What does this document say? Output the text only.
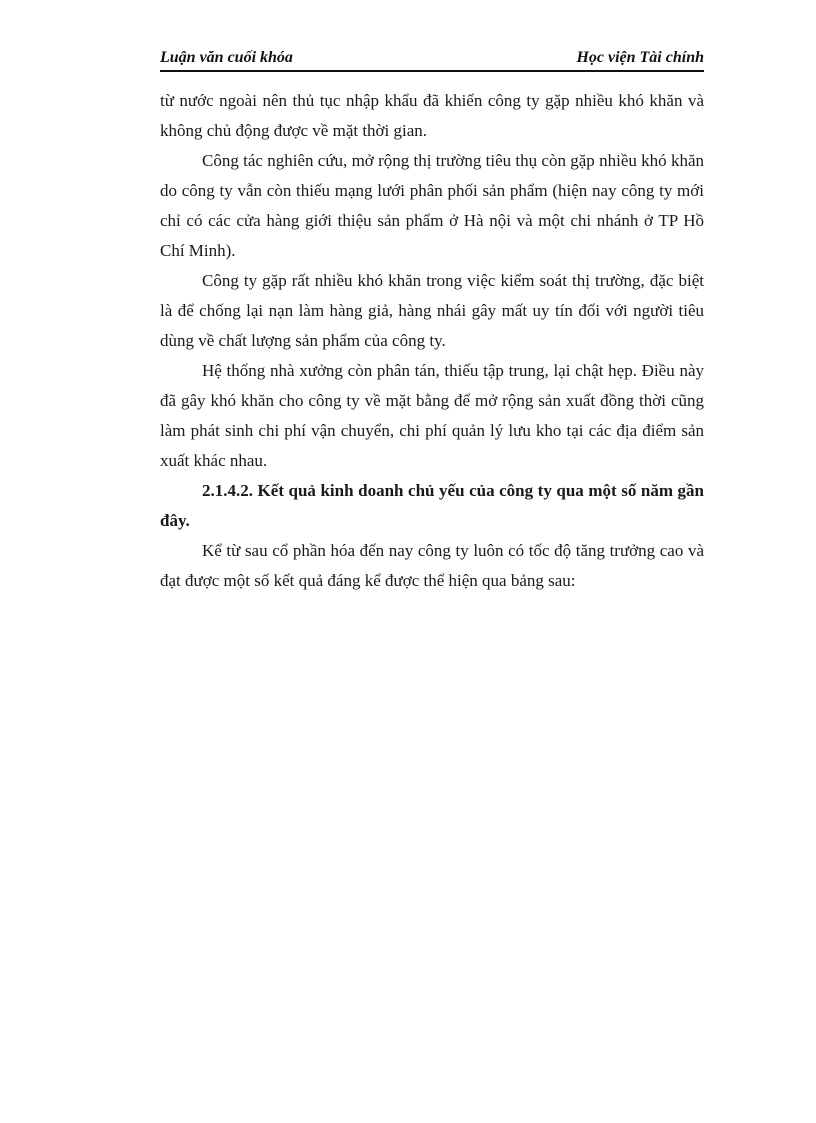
Luận văn cuối khóa	Học viện Tài chính

từ nước ngoài nên thủ tục nhập khẩu đã khiến công ty gặp nhiều khó khăn và không chủ động được về mặt thời gian.

Công tác nghiên cứu, mở rộng thị trường tiêu thụ còn gặp nhiều khó khăn do công ty vẫn còn thiếu mạng lưới phân phối sản phẩm (hiện nay công ty mới chỉ có các cửa hàng giới thiệu sản phẩm ở Hà nội và một chi nhánh ở TP Hồ Chí Minh).

Công ty gặp rất nhiều khó khăn trong việc kiểm soát thị trường, đặc biệt là để chống lại nạn làm hàng giả, hàng nhái gây mất uy tín đối với người tiêu dùng về chất lượng sản phẩm của công ty.

Hệ thống nhà xưởng còn phân tán, thiếu tập trung, lại chật hẹp. Điều này đã gây khó khăn cho công ty về mặt bằng để mở rộng sản xuất đồng thời cũng làm phát sinh chi phí vận chuyển, chi phí quản lý lưu kho tại các địa điểm sản xuất khác nhau.

2.1.4.2. Kết quả kinh doanh chủ yếu của công ty qua một số năm gần đây.

Kể từ sau cổ phần hóa đến nay công ty luôn có tốc độ tăng trưởng cao và đạt được một số kết quả đáng kể được thể hiện qua bảng sau:
